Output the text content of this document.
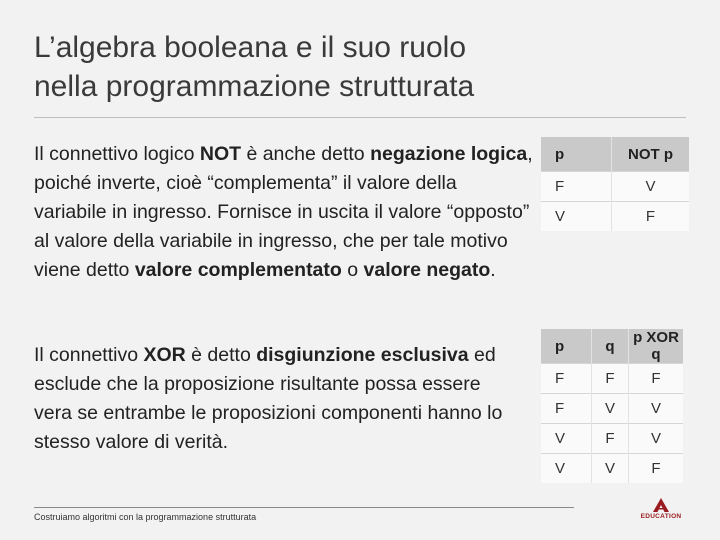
L’algebra booleana e il suo ruolo
nella programmazione strutturata

Il connettivo logico NOT è anche detto negazione logica, poiché inverte, cioè “complementa” il valore della variabile in ingresso. Fornisce in uscita il valore “opposto” al valore della variabile in ingresso, che per tale motivo viene detto valore complementato o valore negato.

p	NOT p
F	V
V	F

Il connettivo XOR è detto disgiunzione esclusiva ed esclude che la proposizione risultante possa essere vera se entrambe le proposizioni componenti hanno lo stesso valore di verità.

p	q	p XOR q
F	F	F
F	V	V
V	F	V
V	V	F
Costruiamo algoritmi con la programmazione strutturata	EDUCATION
